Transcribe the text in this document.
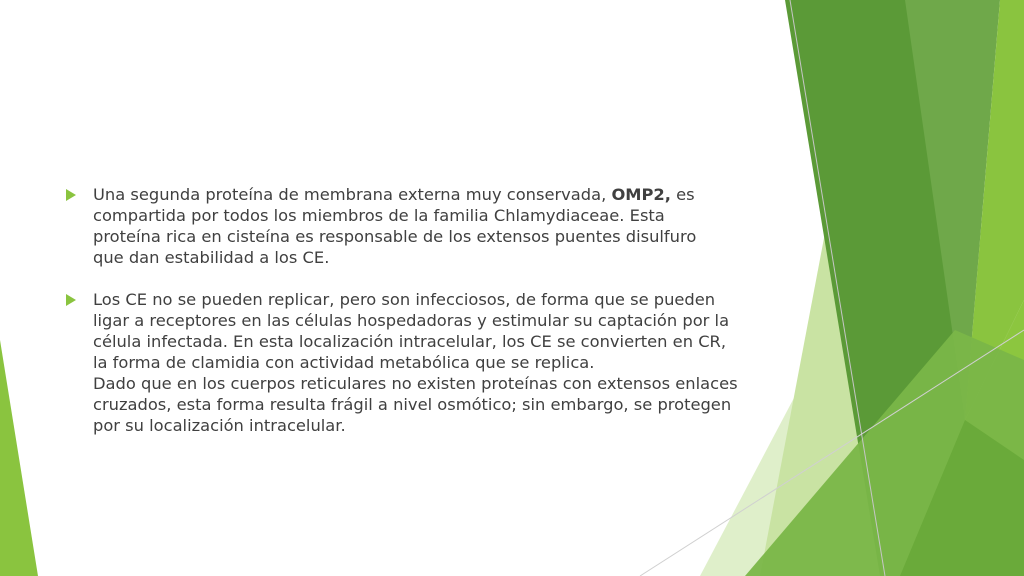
Una segunda proteína de membrana externa muy conservada, OMP2, es
compartida por todos los miembros de la familia Chlamydiaceae. Esta
proteína rica en cisteína es responsable de los extensos puentes disulfuro
que dan estabilidad a los CE.
Los CE no se pueden replicar, pero son infecciosos, de forma que se pueden
ligar a receptores en las células hospedadoras y estimular su captación por la
célula infectada. En esta localización intracelular, los CE se convierten en CR,
la forma de clamidia con actividad metabólica que se replica.
Dado que en los cuerpos reticulares no existen proteínas con extensos enlaces
cruzados, esta forma resulta frágil a nivel osmótico; sin embargo, se protegen
por su localización intracelular.
